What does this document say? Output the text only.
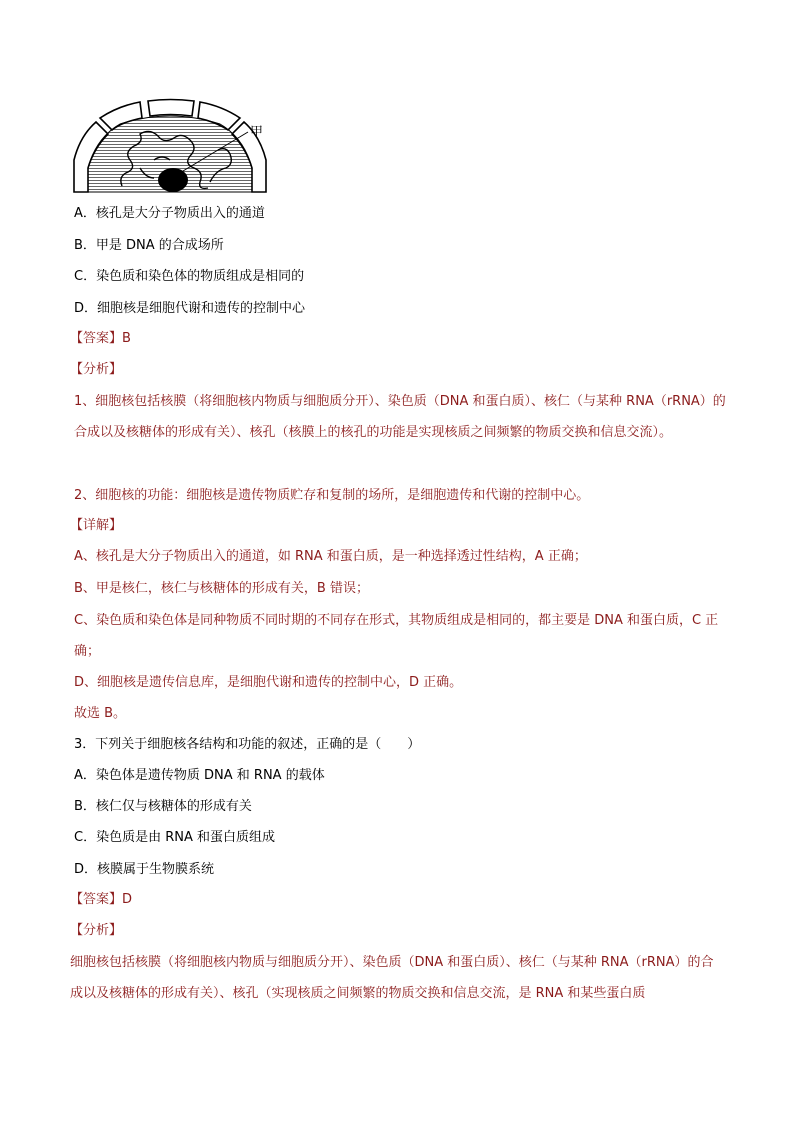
甲
A．核孔是大分子物质出入的通道
B．甲是 DNA 的合成场所
C．染色质和染色体的物质组成是相同的
D．细胞核是细胞代谢和遗传的控制中心
【答案】B
【分析】
1、细胞核包括核膜（将细胞核内物质与细胞质分开）、染色质（DNA 和蛋白质）、核仁（与某种 RNA（rRNA）的合成以及核糖体的形成有关）、核孔（核膜上的核孔的功能是实现核质之间频繁的物质交换和信息交流）。
2、细胞核的功能：细胞核是遗传物质贮存和复制的场所，是细胞遗传和代谢的控制中心。
【详解】
A、核孔是大分子物质出入的通道，如 RNA 和蛋白质，是一种选择透过性结构，A 正确；
B、甲是核仁，核仁与核糖体的形成有关，B 错误；
C、染色质和染色体是同种物质不同时期的不同存在形式，其物质组成是相同的，都主要是 DNA 和蛋白质，C 正确；
D、细胞核是遗传信息库，是细胞代谢和遗传的控制中心，D 正确。
故选 B。
3．下列关于细胞核各结构和功能的叙述，正确的是（　　）
A．染色体是遗传物质 DNA 和 RNA 的载体
B．核仁仅与核糖体的形成有关
C．染色质是由 RNA 和蛋白质组成
D．核膜属于生物膜系统
【答案】D
【分析】
细胞核包括核膜（将细胞核内物质与细胞质分开）、染色质（DNA 和蛋白质）、核仁（与某种 RNA（rRNA）的合成以及核糖体的形成有关）、核孔（实现核质之间频繁的物质交换和信息交流，是 RNA 和某些蛋白质
